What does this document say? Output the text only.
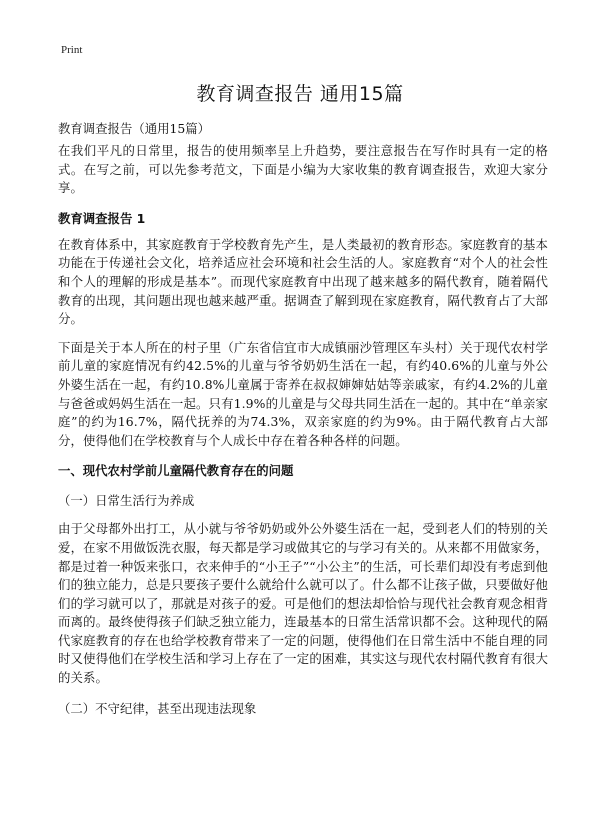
Print
教育调查报告 通用15篇

教育调查报告（通用15篇）

在我们平凡的日常里，报告的使用频率呈上升趋势，要注意报告在写作时具有一定的格式。在写之前，可以先参考范文，下面是小编为大家收集的教育调查报告，欢迎大家分享。

教育调查报告 1

在教育体系中，其家庭教育于学校教育先产生，是人类最初的教育形态。家庭教育的基本功能在于传递社会文化，培养适应社会环境和社会生活的人。家庭教育“对个人的社会性和个人的理解的形成是基本”。而现代家庭教育中出现了越来越多的隔代教育，随着隔代教育的出现，其问题出现也越来越严重。据调查了解到现在家庭教育，隔代教育占了大部分。

下面是关于本人所在的村子里（广东省信宜市大成镇丽沙管理区车头村）关于现代农村学前儿童的家庭情况有约42.5%的儿童与爷爷奶奶生活在一起，有约40.6%的儿童与外公外婆生活在一起，有约10.8%儿童属于寄养在叔叔婶婶姑姑等亲戚家，有约4.2%的儿童与爸爸或妈妈生活在一起。只有1.9%的儿童是与父母共同生活在一起的。其中在“单亲家庭”的约为16.7%，隔代抚养的为74.3%，双亲家庭的约为9%。由于隔代教育占大部分，使得他们在学校教育与个人成长中存在着各种各样的问题。

一、现代农村学前儿童隔代教育存在的问题
（一）日常生活行为养成

由于父母都外出打工，从小就与爷爷奶奶或外公外婆生活在一起，受到老人们的特别的关爱，在家不用做饭洗衣服，每天都是学习或做其它的与学习有关的。从来都不用做家务，都是过着一种饭来张口，衣来伸手的“小王子”“小公主”的生活，可长辈们却没有考虑到他们的独立能力，总是只要孩子要什么就给什么就可以了。什么都不让孩子做，只要做好他们的学习就可以了，那就是对孩子的爱。可是他们的想法却恰恰与现代社会教育观念相背而离的。最终使得孩子们缺乏独立能力，连最基本的日常生活常识都不会。这种现代的隔代家庭教育的存在也给学校教育带来了一定的问题，使得他们在日常生活中不能自理的同时又使得他们在学校生活和学习上存在了一定的困难，其实这与现代农村隔代教育有很大的关系。

（二）不守纪律，甚至出现违法现象
